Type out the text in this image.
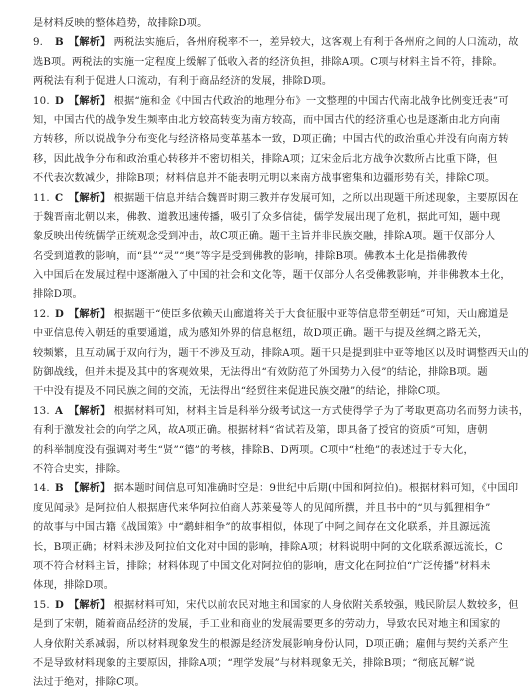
是材料反映的整体趋势，故排除D项。
9. B 【解析】 两税法实施后，各州府税率不一，差异较大，这客观上有利于各州府之间的人口流动，故
选B项。两税法的实施一定程度上缓解了低收入者的经济负担，排除A项。C项与材料主旨不符，排除。
两税法有利于促进人口流动，有利于商品经济的发展，排除D项。
10. D 【解析】 根据“施和金《中国古代政治的地理分布》一文整理的中国古代南北战争比例变迁表”可
知，中国古代的战争发生频率由北方较高转变为南方较高，而中国古代的经济重心也是逐渐由北方向南
方转移，所以说战争分布变化与经济格局变革基本一致，D项正确；中国古代的政治重心并没有向南方转
移，因此战争分布和政治重心转移并不密切相关，排除A项；辽宋金后北方战争次数所占比重下降，但
不代表次数减少，排除B项；材料信息并不能表明元明以来南方战事密集和边疆形势有关，排除C项。
11. C 【解析】 根据题干信息并结合魏晋时期三教并存发展可知，之所以出现题干所述现象，主要原因在
于魏晋南北朝以来，佛教、道教迅速传播，吸引了众多信徒，儒学发展出现了危机，据此可知，题中现
象反映出传统儒学正统观念受到冲击，故C项正确。题干主旨并非民族交融，排除A项。题干仅部分人
名受到道教的影响，而“县”“灵”“奥”等字是受到佛教的影响，排除B项。佛教本土化是指佛教传
入中国后在发展过程中逐渐融入了中国的社会和文化等，题干仅部分人名受佛教影响，并非佛教本土化，
排除D项。
12. D 【解析】 根据题干“使臣多依赖天山廊道将关于大食征服中亚等信息带至朝廷”可知，天山廊道是
中亚信息传入朝廷的重要通道，成为感知外界的信息枢纽，故D项正确。题干与提及丝绸之路无关，
较频繁，且互动属于双向行为，题干不涉及互动，排除A项。题干只是提到驻中亚等地区以及时调整西天山的
防御战线，但并未提及其中的客观效果，无法得出“有效防范了外国势力入侵”的结论，排除B项。题
干中没有提及不同民族之间的交流，无法得出“经贸往来促进民族交融”的结论，排除C项。
13. A 【解析】 根据材料可知，材料主旨是科举分级考试这一方式使得学子为了考取更高功名而努力读书，
有利于激发社会的向学之风，故A项正确。根据材料“省试若及第，即具备了授官的资质”可知，唐朝
的科举制度没有强调对考生“贤”“德”的考核，排除B、D两项。C项中“杜绝”的表述过于专大化，
不符合史实，排除。
14. B 【解析】 据本题时间信息可知准确时空是：9世纪中后期(中国和阿拉伯)。根据材料可知，《中国印
度见闻录》是阿拉伯人根据唐代来华阿拉伯商人苏莱曼等人的见闻所撰，并且书中的“贝与狐狸相争”
的故事与中国古籍《战国策》中“鹬蚌相争”的故事相似，体现了中阿之间存在文化联系，并且源远流
长，B项正确；材料未涉及阿拉伯文化对中国的影响，排除A项；材料说明中阿的文化联系源远流长，C
项不符合材料主旨，排除；材料体现了中国文化对阿拉伯的影响，唐文化在阿拉伯“广泛传播”材料未
体现，排除D项。
15. D 【解析】 根据材料可知，宋代以前农民对地主和国家的人身依附关系较强，贱民阶层人数较多，但
是到了宋朝，随着商品经济的发展，手工业和商业的发展需要更多的劳动力，导致农民对地主和国家的
人身依附关系减弱，所以材料现象发生的根源是经济发展影响身份认同，D项正确；雇佣与契约关系产生
不是导致材料现象的主要原因，排除A项；“理学发展”与材料现象无关，排除B项；“彻底瓦解”说
法过于绝对，排除C项。
